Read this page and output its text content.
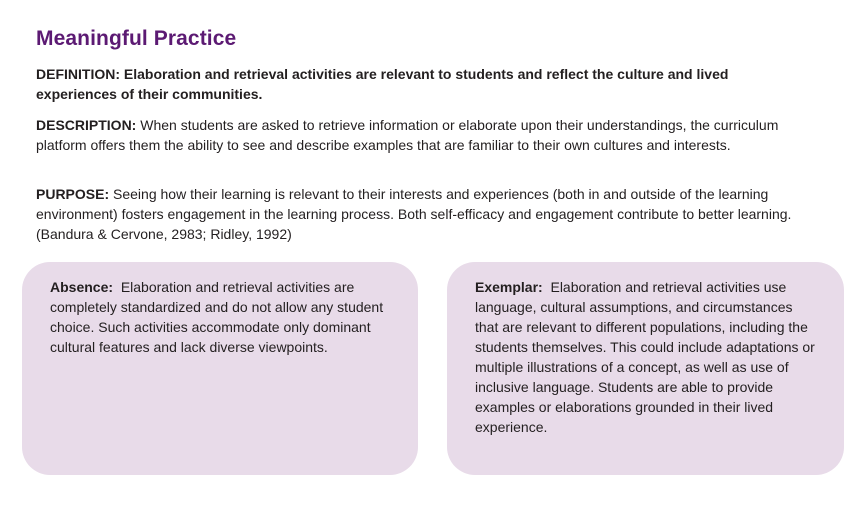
Meaningful Practice

DEFINITION: Elaboration and retrieval activities are relevant to students and reflect the culture and lived experiences of their communities.

DESCRIPTION: When students are asked to retrieve information or elaborate upon their understandings, the curriculum platform offers them the ability to see and describe examples that are familiar to their own cultures and interests.

PURPOSE: Seeing how their learning is relevant to their interests and experiences (both in and outside of the learning environment) fosters engagement in the learning process. Both self-efficacy and engagement contribute to better learning. (Bandura & Cervone, 2983; Ridley, 1992)

Absence: Elaboration and retrieval activities are completely standardized and do not allow any student choice. Such activities accommodate only dominant cultural features and lack diverse viewpoints.

Exemplar: Elaboration and retrieval activities use language, cultural assumptions, and circumstances that are relevant to different populations, including the students themselves. This could include adaptations or multiple illustrations of a concept, as well as use of inclusive language. Students are able to provide examples or elaborations grounded in their lived experience.
